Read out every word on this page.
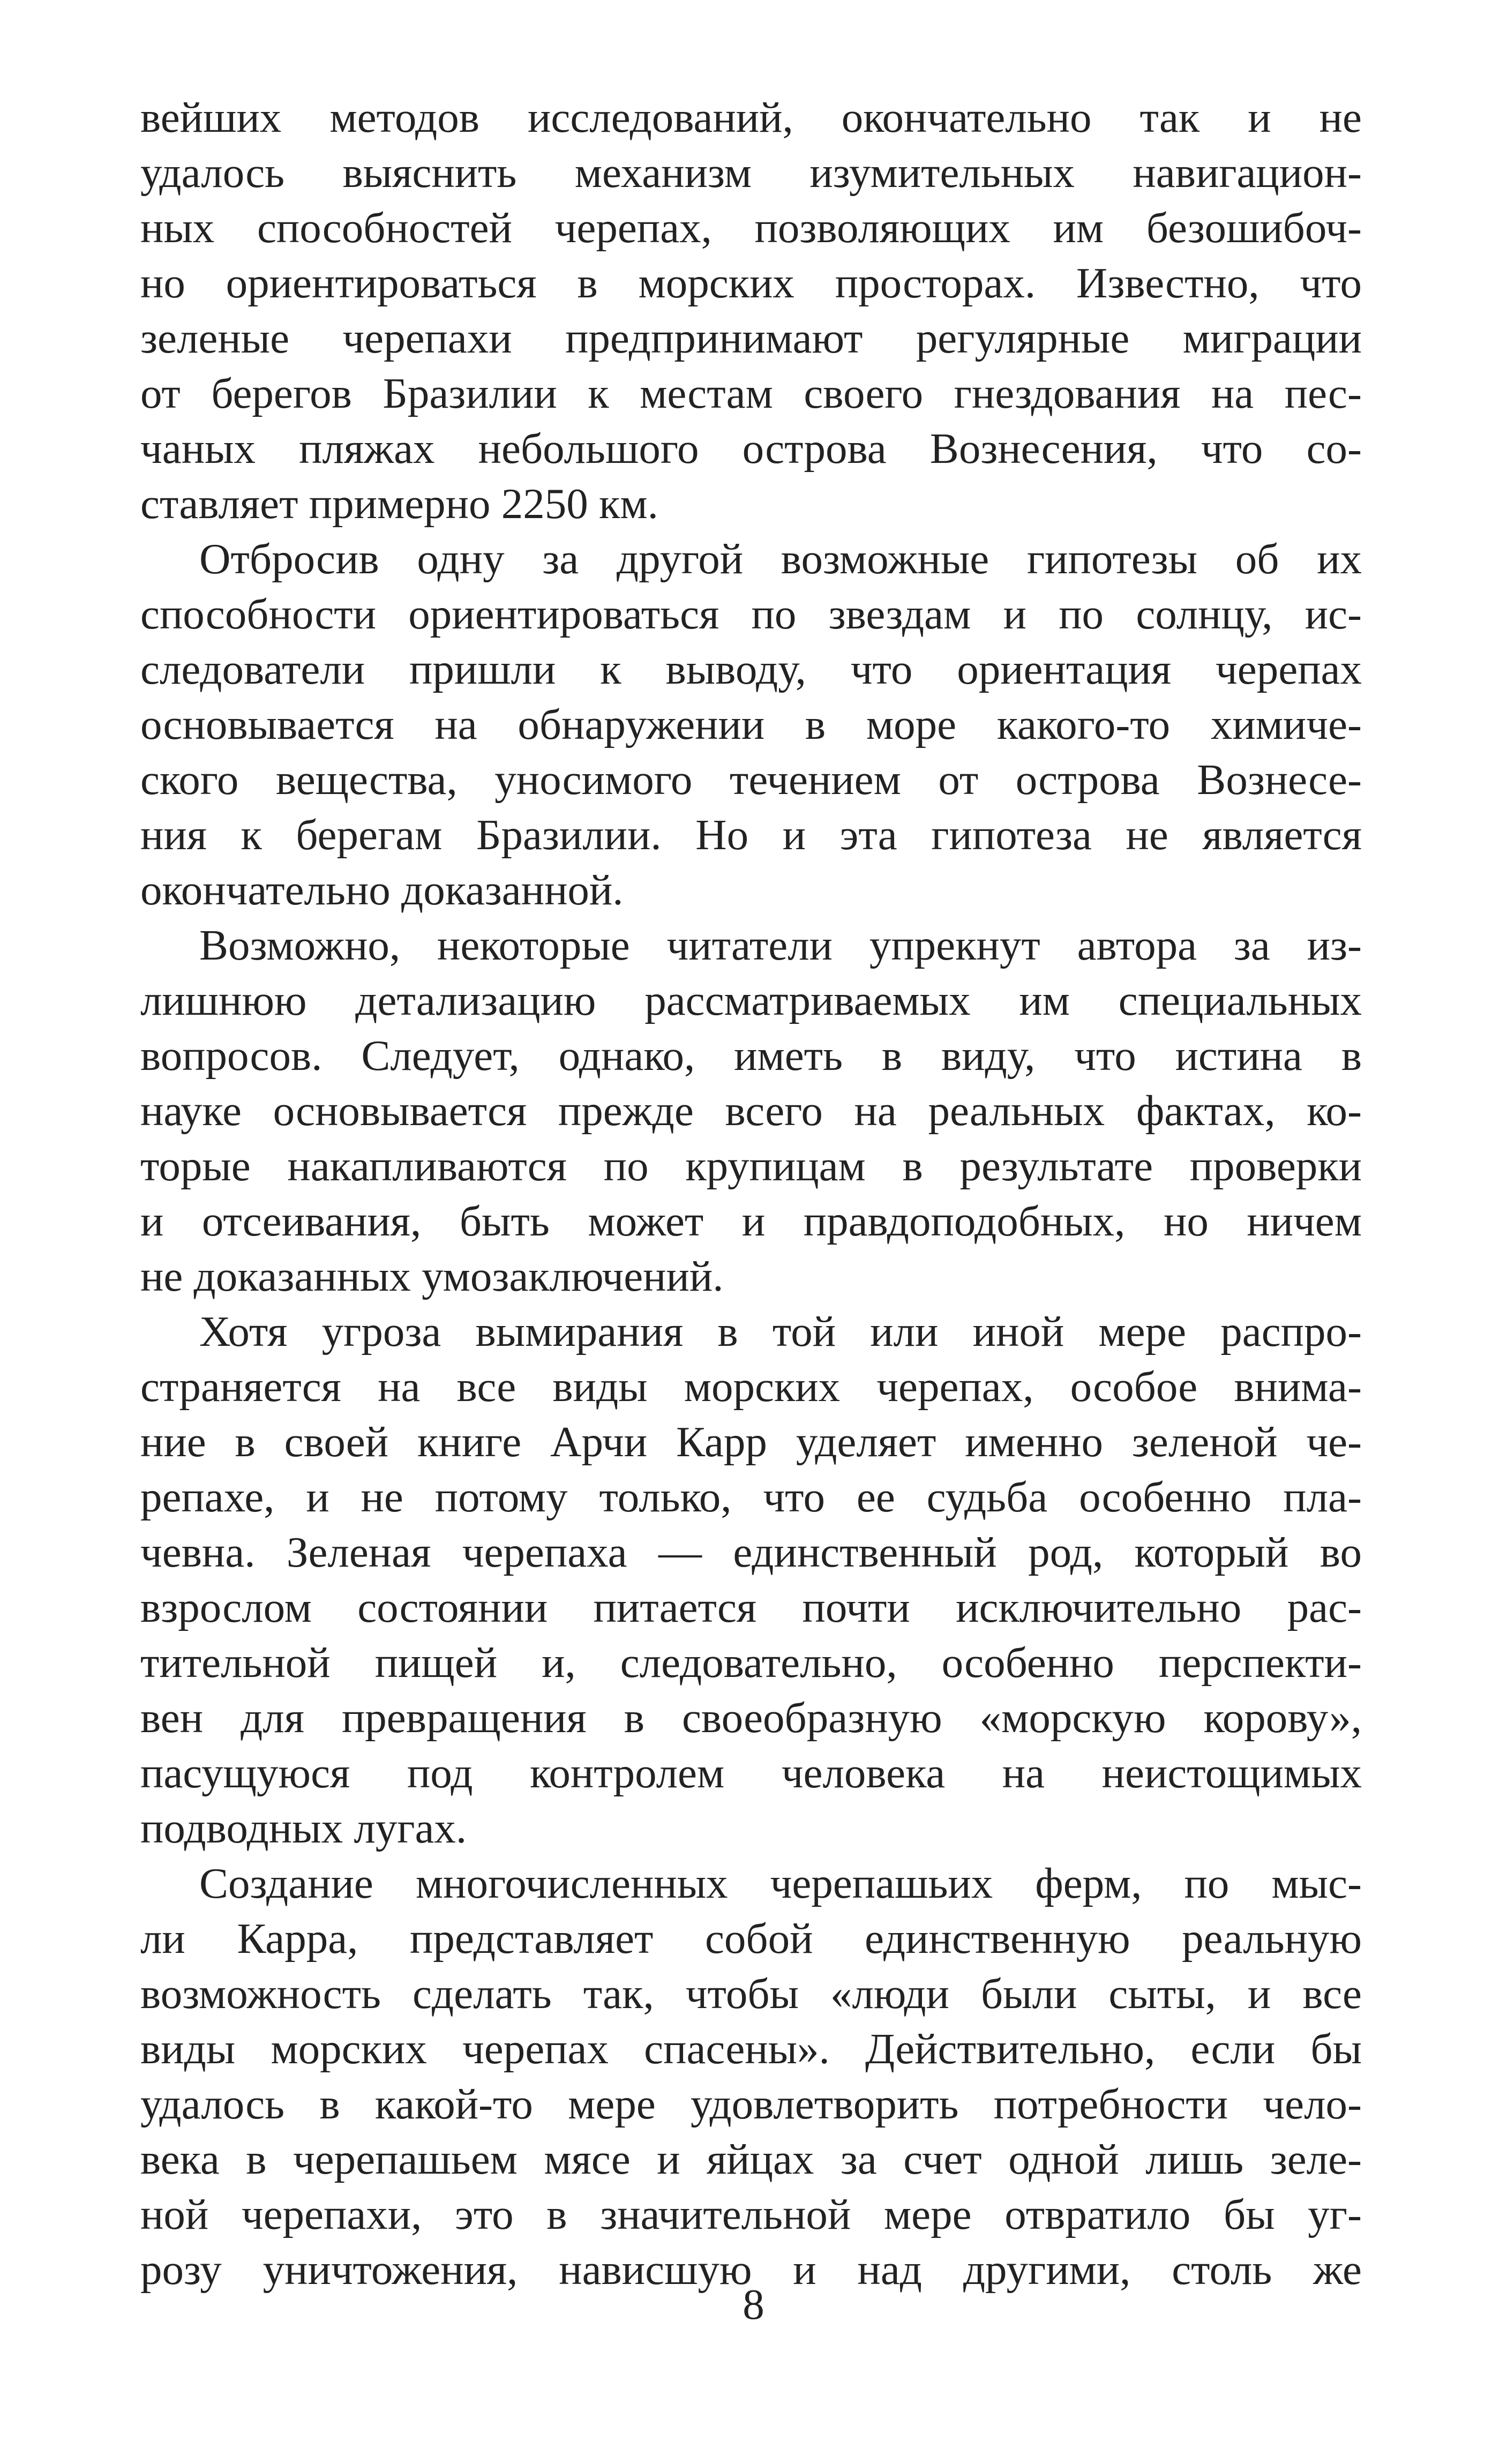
вейших методов исследований, окончательно так и не
удалось выяснить механизм изумительных навигацион-
ных способностей черепах, позволяющих им безошибоч-
но ориентироваться в морских просторах. Известно, что
зеленые черепахи предпринимают регулярные миграции
от берегов Бразилии к местам своего гнездования на пес-
чаных пляжах небольшого острова Вознесения, что со-
ставляет примерно 2250 км.

Отбросив одну за другой возможные гипотезы об их
способности ориентироваться по звездам и по солнцу, ис-
следователи пришли к выводу, что ориентация черепах
основывается на обнаружении в море какого-то химиче-
ского вещества, уносимого течением от острова Вознесе-
ния к берегам Бразилии. Но и эта гипотеза не является
окончательно доказанной.

Возможно, некоторые читатели упрекнут автора за из-
лишнюю детализацию рассматриваемых им специальных
вопросов. Следует, однако, иметь в виду, что истина в
науке основывается прежде всего на реальных фактах, ко-
торые накапливаются по крупицам в результате проверки
и отсеивания, быть может и правдоподобных, но ничем
не доказанных умозаключений.

Хотя угроза вымирания в той или иной мере распро-
страняется на все виды морских черепах, особое внима-
ние в своей книге Арчи Карр уделяет именно зеленой че-
репахе, и не потому только, что ее судьба особенно пла-
чевна. Зеленая черепаха — единственный род, который во
взрослом состоянии питается почти исключительно рас-
тительной пищей и, следовательно, особенно перспекти-
вен для превращения в своеобразную «морскую корову»,
пасущуюся под контролем человека на неистощимых
подводных лугах.

Создание многочисленных черепашьих ферм, по мыс-
ли Карра, представляет собой единственную реальную
возможность сделать так, чтобы «люди были сыты, и все
виды морских черепах спасены». Действительно, если бы
удалось в какой-то мере удовлетворить потребности чело-
века в черепашьем мясе и яйцах за счет одной лишь зеле-
ной черепахи, это в значительной мере отвратило бы уг-
розу уничтожения, нависшую и над другими, столь же

8
